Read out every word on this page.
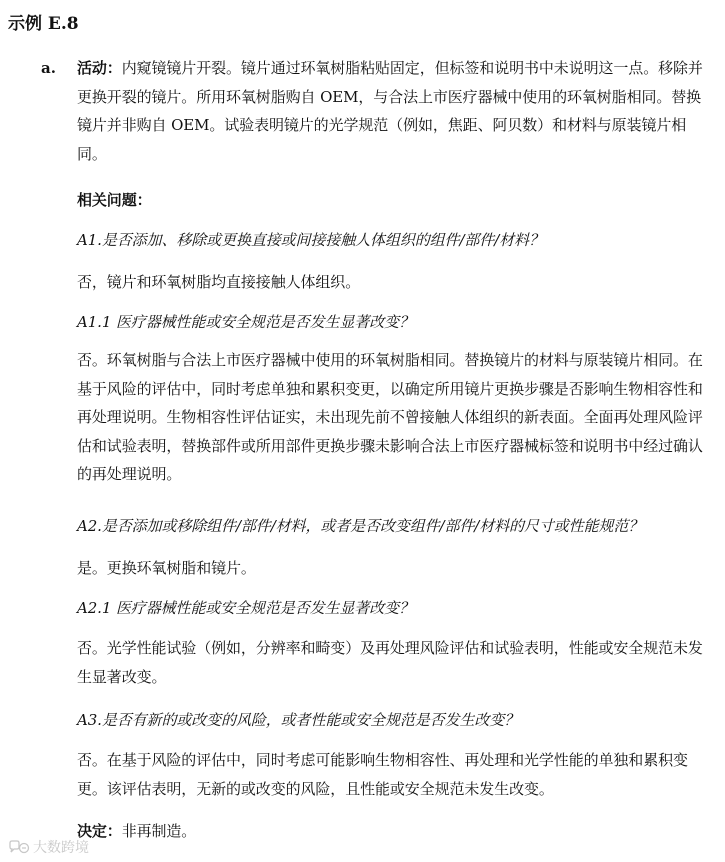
示例 E.8
a. 活动：内窥镜镜片开裂。镜片通过环氧树脂粘贴固定，但标签和说明书中未说明这一点。移除并更换开裂的镜片。所用环氧树脂购自 OEM，与合法上市医疗器械中使用的环氧树脂相同。替换镜片并非购自 OEM。试验表明镜片的光学规范（例如，焦距、阿贝数）和材料与原装镜片相同。
相关问题：
A1.是否添加、移除或更换直接或间接接触人体组织的组件/部件/材料？
否，镜片和环氧树脂均直接接触人体组织。
A1.1 医疗器械性能或安全规范是否发生显著改变？
否。环氧树脂与合法上市医疗器械中使用的环氧树脂相同。替换镜片的材料与原装镜片相同。在基于风险的评估中，同时考虑单独和累积变更，以确定所用镜片更换步骤是否影响生物相容性和再处理说明。生物相容性评估证实，未出现先前不曾接触人体组织的新表面。全面再处理风险评估和试验表明，替换部件或所用部件更换步骤未影响合法上市医疗器械标签和说明书中经过确认的再处理说明。
A2.是否添加或移除组件/部件/材料，或者是否改变组件/部件/材料的尺寸或性能规范？
是。更换环氧树脂和镜片。
A2.1 医疗器械性能或安全规范是否发生显著改变？
否。光学性能试验（例如，分辨率和畸变）及再处理风险评估和试验表明，性能或安全规范未发生显著改变。
A3.是否有新的或改变的风险，或者性能或安全规范是否发生改变？
否。在基于风险的评估中，同时考虑可能影响生物相容性、再处理和光学性能的单独和累积变更。该评估表明，无新的或改变的风险，且性能或安全规范未发生改变。
决定：非再制造。
大数跨境
